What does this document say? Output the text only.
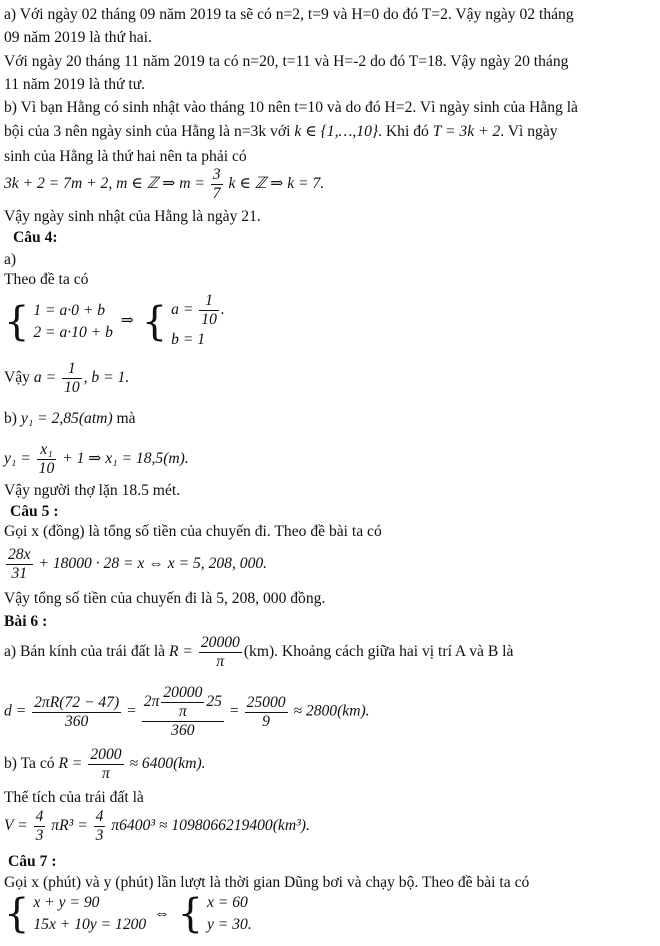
a) Với ngày 02 tháng 09 năm 2019 ta sẽ có n=2, t=9 và H=0 do đó T=2. Vậy ngày 02 tháng
09 năm 2019 là thứ hai.
Với ngày 20 tháng 11 năm 2019 ta có n=20, t=11 và H=-2 do đó T=18. Vậy ngày 20 tháng
11 năm 2019 là thứ tư.
b) Vì bạn Hằng có sinh nhật vào tháng 10 nên t=10 và do đó H=2. Vì ngày sinh của Hằng là
bội của 3 nên ngày sinh của Hằng là n=3k với k ∈ {1,…,10}. Khi đó T = 3k + 2. Vì ngày
sinh của Hằng là thứ hai nên ta phải có
3k + 2 = 7m + 2, m ∈ ℤ ⇒ $m = \frac{3}{7}$ k ∈ ℤ ⇒ k = 7.
Vậy ngày sinh nhật của Hằng là ngày 21.
Câu 4:
a)
Theo đề ta có
{ 1 = a·0 + b
2 = a·10 + b
⇒ { $a = \frac{1}{10}$ .
b = 1
Vậy $a = \frac{1}{10}$ , b = 1.
b) y₁ = 2,85(atm) mà
$y_1 = \frac{\text{x₁}}{10} + 1$ ⇒ x₁ = 18,5(m).
Vậy người thợ lặn 18.5 mét.
Câu 5 :
Gọi x (đồng) là tổng số tiền của chuyến đi. Theo đề bài ta có
$\frac{28x}{31} + 18000 \cdot 28 = x$ ⇔ x = 5, 208, 000.
Vậy tổng số tiền của chuyến đi là 5, 208, 000 đồng.
Bài 6 :
a) Bán kính của trái đất là $R = \frac{20000}{\pi} (km)$. Khoảng cách giữa hai vị trí A và B là
$d = \frac{2\pi R(72 - 47)}{360} = \frac{2\pi \frac{20000}{\pi} 25}{360} = \frac{25000}{9} \approx 2800(km)$.
b) Ta có $R = \frac{2000}{\pi} \approx 6400(km)$.
Thể tích của trái đất là
$V = \frac{4}{3} \pi R^3 = \frac{4}{3} \pi 6400^3 \approx 1098066219400(km^3)$.
Câu 7 :
Gọi x (phút) và y (phút) lần lượt là thời gian Dũng bơi và chạy bộ. Theo đề bài ta có
{ x + y = 90
15x + 10y = 1200
⇔ { x = 60
y = 30.
